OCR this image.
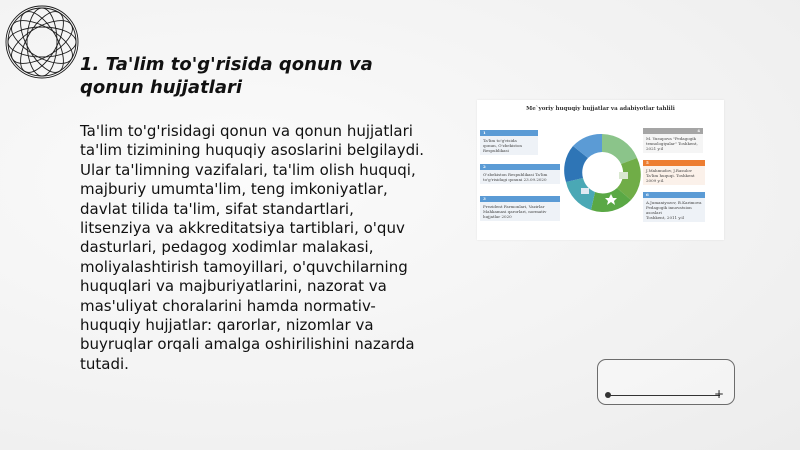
1. Ta'lim to'g'risida qonun va qonun hujjatlari

Ta'lim to'g'risidagi qonun va qonun hujjatlari ta'lim tizimining huquqiy asoslarini belgilaydi. Ular ta'limning vazifalari, ta'lim olish huquqi, majburiy umumta'lim, teng imkoniyatlar, davlat tilida ta'lim, sifat standartlari, litsenziya va akkreditatsiya tartiblari, o'quv dasturlari, pedagog xodimlar malakasi, moliyalashtirish tamoyillari, o'quvchilarning huquqlari va majburiyatlarini, nazorat va mas'uliyat choralarini hamda normativ-huquqiy hujjatlar: qarorlar, nizomlar va buyruqlar orqali amalga oshirilishini nazarda tutadi.

Me`yoriy huquqiy hujjatlar va adabiyotlar tahlili
1
Ta'lim to'g'risida
qonun, O'zbekiston
Respublikasi
2
O'zbekiston Respublikasi Ta'lim
to'g'risidagi qonuni 23.09.2020
3
Prezident Farmonlari, Vazirlar
Mahkamasi qarorlari, normativ
hujjatlar 2020
4
M. Yusupova "Pedagogik
texnologiyalar" Toshkent, 2021 y.il
5
J.Mahmudov, J.Rasulov
Ta'lim huquqi. Toshkent 2009 y.il.
6
A.Jumaniyozov, B.Karimova
Pedagogik innovatsion asoslari
Toshkent, 2011 y.il
+
